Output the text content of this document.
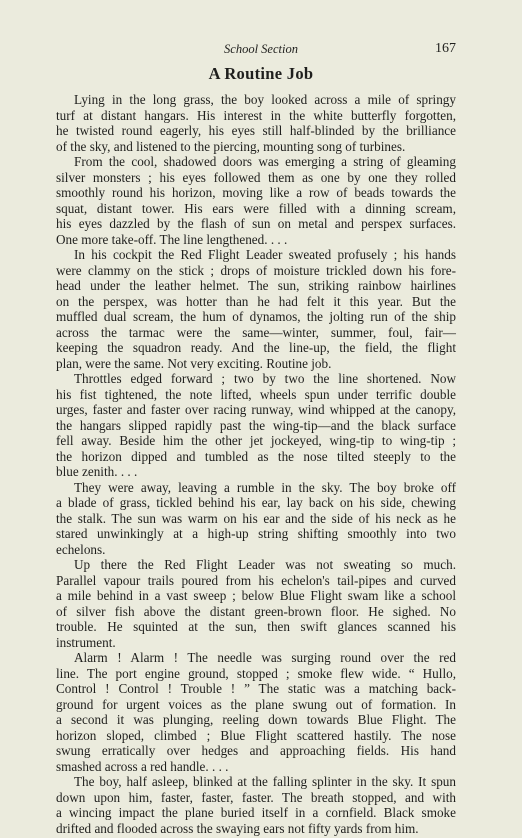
School Section	167
A Routine Job
Lying in the long grass, the boy looked across a mile of springy
turf at distant hangars. His interest in the white butterfly forgotten,
he twisted round eagerly, his eyes still half-blinded by the brilliance
of the sky, and listened to the piercing, mounting song of turbines.
From the cool, shadowed doors was emerging a string of gleaming
silver monsters ; his eyes followed them as one by one they rolled
smoothly round his horizon, moving like a row of beads towards the
squat, distant tower. His ears were filled with a dinning scream,
his eyes dazzled by the flash of sun on metal and perspex surfaces.
One more take-off. The line lengthened. . . .
In his cockpit the Red Flight Leader sweated profusely ; his hands
were clammy on the stick ; drops of moisture trickled down his fore-
head under the leather helmet. The sun, striking rainbow hairlines
on the perspex, was hotter than he had felt it this year. But the
muffled dual scream, the hum of dynamos, the jolting run of the ship
across the tarmac were the same—winter, summer, foul, fair—
keeping the squadron ready. And the line-up, the field, the flight
plan, were the same. Not very exciting. Routine job.
Throttles edged forward ; two by two the line shortened. Now
his fist tightened, the note lifted, wheels spun under terrific double
urges, faster and faster over racing runway, wind whipped at the canopy,
the hangars slipped rapidly past the wing-tip—and the black surface
fell away. Beside him the other jet jockeyed, wing-tip to wing-tip ;
the horizon dipped and tumbled as the nose tilted steeply to the
blue zenith. . . .
They were away, leaving a rumble in the sky. The boy broke off
a blade of grass, tickled behind his ear, lay back on his side, chewing
the stalk. The sun was warm on his ear and the side of his neck as he
stared unwinkingly at a high-up string shifting smoothly into two
echelons.
Up there the Red Flight Leader was not sweating so much.
Parallel vapour trails poured from his echelon's tail-pipes and curved
a mile behind in a vast sweep ; below Blue Flight swam like a school
of silver fish above the distant green-brown floor. He sighed. No
trouble. He squinted at the sun, then swift glances scanned his
instrument.
Alarm ! Alarm ! The needle was surging round over the red
line. The port engine ground, stopped ; smoke flew wide. “ Hullo,
Control ! Control ! Trouble ! ” The static was a matching back-
ground for urgent voices as the plane swung out of formation. In
a second it was plunging, reeling down towards Blue Flight. The
horizon sloped, climbed ; Blue Flight scattered hastily. The nose
swung erratically over hedges and approaching fields. His hand
smashed across a red handle. . . .
The boy, half asleep, blinked at the falling splinter in the sky. It spun
down upon him, faster, faster, faster. The breath stopped, and with
a wincing impact the plane buried itself in a cornfield. Black smoke
drifted and flooded across the swaying ears not fifty yards from him.
